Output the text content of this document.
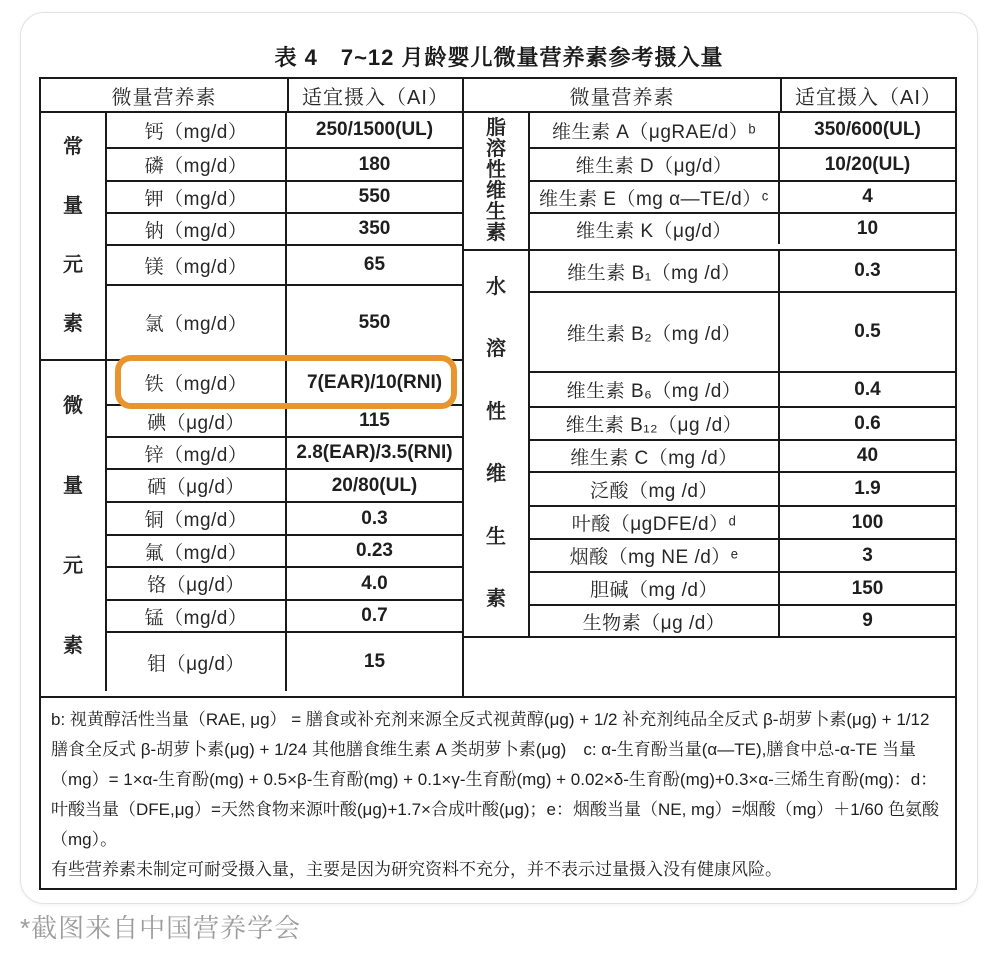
表 4　7~12 月龄婴儿微量营养素参考摄入量
微量营养素	适宜摄入（AI）
常
量
元
素
钙（mg/d）	250/1500(UL)
磷（mg/d）	180
钾（mg/d）	550
钠（mg/d）	350
镁（mg/d）	65
氯（mg/d）	550
微
量
元
素
铁（mg/d）	7(EAR)/10(RNI)
碘（μg/d）	115
锌（mg/d）	2.8(EAR)/3.5(RNI)
硒（μg/d）	20/80(UL)
铜（mg/d）	0.3
氟（mg/d）	0.23
铬（μg/d）	4.0
锰（mg/d）	0.7
钼（μg/d）	15
微量营养素	适宜摄入（AI）
脂
溶
性
维
生
素
维生素 A（μgRAE/d）ᵇ	350/600(UL)
维生素 D（μg/d）	10/20(UL)
维生素 E（mg α—TE/d）ᶜ	4
维生素 K（μg/d）	10
水
溶
性
维
生
素
维生素 B₁（mg /d）	0.3
维生素 B₂（mg /d）	0.5
维生素 B₆（mg /d）	0.4
维生素 B₁₂（μg /d）	0.6
维生素 C（mg /d）	40
泛酸（mg /d）	1.9
叶酸（μgDFE/d）ᵈ	100
烟酸（mg NE /d）ᵉ	3
胆碱（mg /d）	150
生物素（μg /d）	9

b: 视黄醇活性当量（RAE, μg） = 膳食或补充剂来源全反式视黄醇(μg) + 1/2 补充剂纯品全反式 β-胡萝卜素(μg) + 1/12 膳食全反式 β-胡萝卜素(μg) + 1/24 其他膳食维生素 A 类胡萝卜素(μg)　c: α-生育酚当量(α—TE),膳食中总-α-TE 当量（mg）= 1×α-生育酚(mg) + 0.5×β-生育酚(mg) + 0.1×γ-生育酚(mg) + 0.02×δ-生育酚(mg)+0.3×α-三烯生育酚(mg)：d：叶酸当量（DFE,μg）=天然食物来源叶酸(μg)+1.7×合成叶酸(μg)；e：烟酸当量（NE, mg）=烟酸（mg）＋1/60 色氨酸（mg）。

有些营养素未制定可耐受摄入量，主要是因为研究资料不充分，并不表示过量摄入没有健康风险。

*截图来自中国营养学会
